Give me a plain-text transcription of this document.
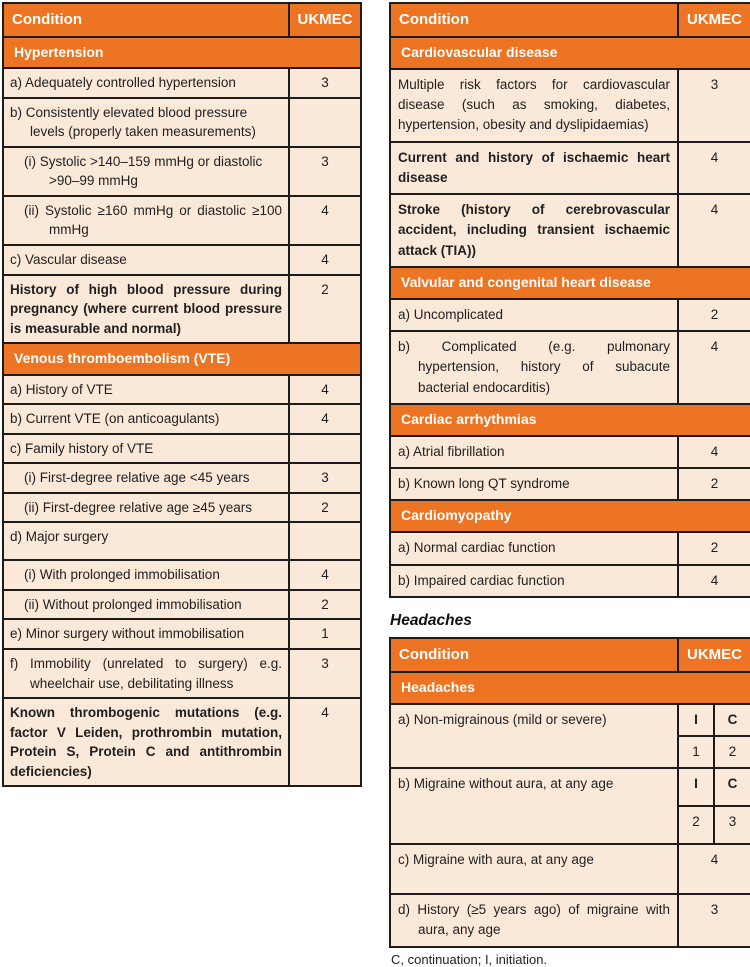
Condition	UKMEC
Hypertension	
a) Adequately controlled hypertension	3
b) Consistently elevated blood pressure levels (properly taken measurements)	
(i) Systolic >140–159 mmHg or diastolic >90–99 mmHg	3
(ii) Systolic ≥160 mmHg or diastolic ≥100 mmHg	4
c) Vascular disease	4
History of high blood pressure during pregnancy (where current blood pressure is measurable and normal)	2
Venous thromboembolism (VTE)	
a) History of VTE	4
b) Current VTE (on anticoagulants)	4
c) Family history of VTE	
(i) First-degree relative age <45 years	3
(ii) First-degree relative age ≥45 years	2
d) Major surgery	
(i) With prolonged immobilisation	4
(ii) Without prolonged immobilisation	2
e) Minor surgery without immobilisation	1
f) Immobility (unrelated to surgery) e.g. wheelchair use, debilitating illness	3
Known thrombogenic mutations (e.g. factor V Leiden, prothrombin mutation, Protein S, Protein C and antithrombin deficiencies)	4
Condition	UKMEC
Cardiovascular disease	
Multiple risk factors for cardiovascular disease (such as smoking, diabetes, hypertension, obesity and dyslipidaemias)	3
Current and history of ischaemic heart disease	4
Stroke (history of cerebrovascular accident, including transient ischaemic attack (TIA))	4
Valvular and congenital heart disease	
a) Uncomplicated	2
b) Complicated (e.g. pulmonary hypertension, history of subacute bacterial endocarditis)	4
Cardiac arrhythmias	
a) Atrial fibrillation	4
b) Known long QT syndrome	2
Cardiomyopathy	
a) Normal cardiac function	2
b) Impaired cardiac function	4
Headaches
Condition	UKMEC	
Headaches		
a) Non-migrainous (mild or severe)	I	C
	1	2
b) Migraine without aura, at any age	I	C
	2	3
c) Migraine with aura, at any age	4	
d) History (≥5 years ago) of migraine with aura, any age	3	
C, continuation; I, initiation.
